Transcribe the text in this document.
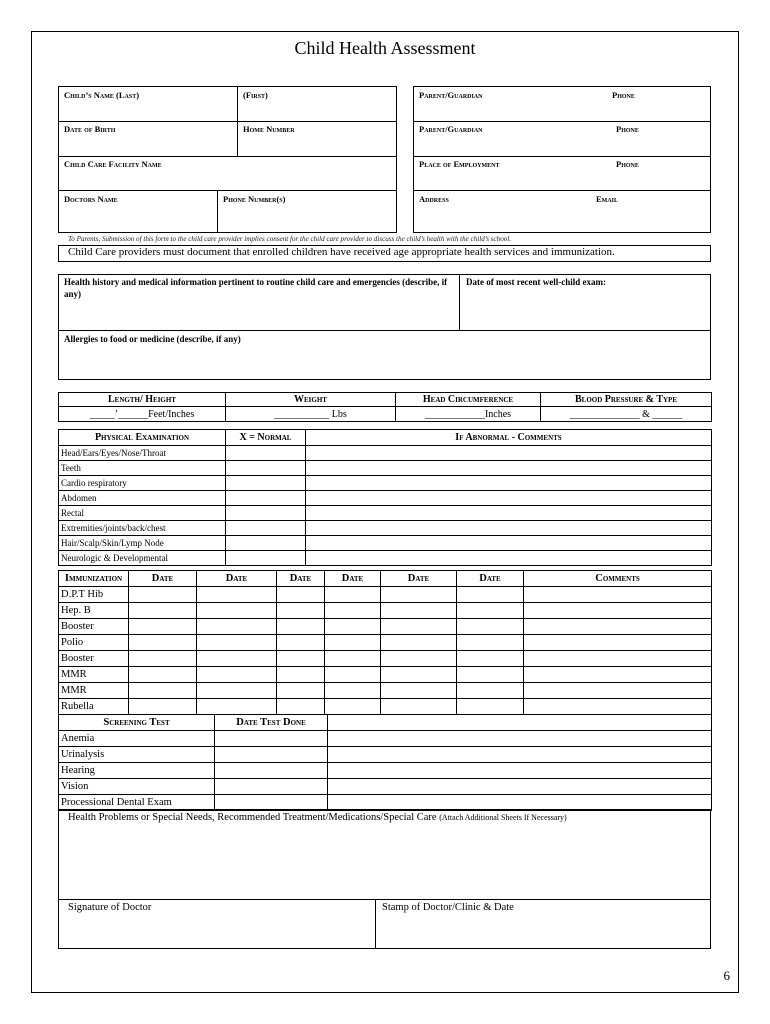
Child Health Assessment
Child’s Name (Last)	(First)
Date of Birth	Home Number
Child Care Facility Name
Doctors Name	Phone Number(s)
Parent/Guardian	Phone
Parent/Guardian	Phone
Place of Employment	Phone
Address	Email
To Parents, Submission of this form to the child care provider implies consent for the child care provider to discuss the child’s health with the child’s school.
Child Care providers must document that enrolled children have received age appropriate health services and immunization.
Health history and medical information pertinent to routine child care and emergencies (describe, if any)
Date of most recent well-child exam:
Allergies to food or medicine (describe, if any)
Length/ Height	Weight	Head Circumference	Blood Pressure & Type
_____’______Feet/Inches	___________ Lbs	____________Inches	______________ & ______
Physical Examination	X = Normal	If Abnormal - Comments
Head/Ears/Eyes/Nose/Throat		
Teeth		
Cardio respiratory		
Abdomen		
Rectal		
Extremities/joints/back/chest		
Hair/Scalp/Skin/Lymp Node		
Neurologic & Developmental		
Immunization	Date	Date	Date	Date	Date	Date	Comments
D.P.T Hib							
Hep. B							
Booster							
Polio							
Booster							
MMR							
MMR							
Rubella							
Screening Test	Date Test Done	
Anemia		
Urinalysis		
Hearing		
Vision		
Processional Dental Exam		
Health Problems or Special Needs, Recommended Treatment/Medications/Special Care (Attach Additional Sheets If Necessary)
Signature of Doctor	Stamp of Doctor/Clinic & Date
6
